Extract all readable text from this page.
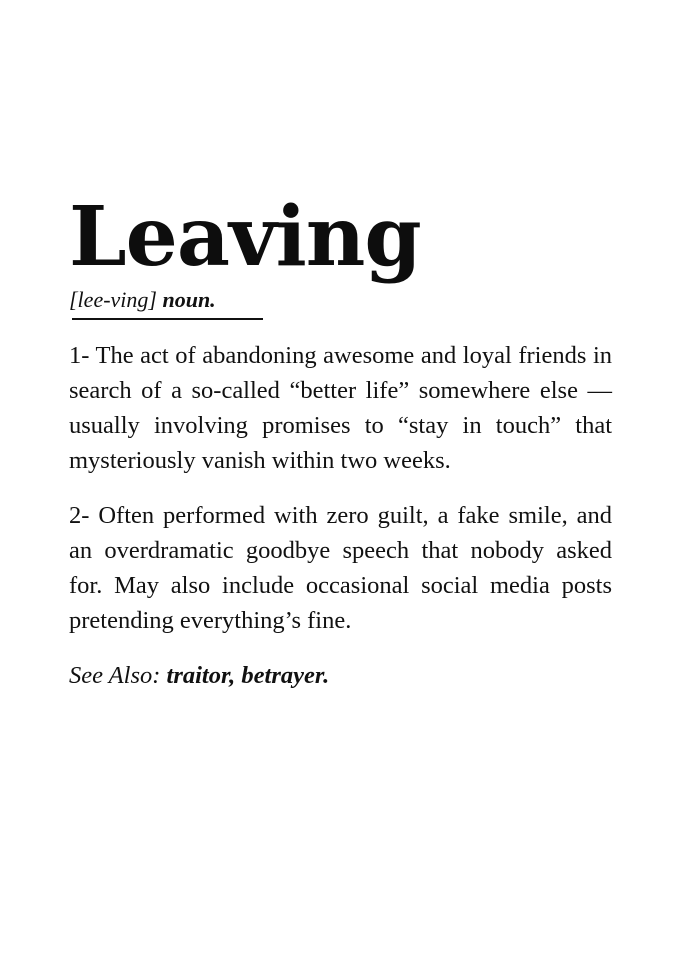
Leaving
[lee-ving] noun.

1- The act of abandoning awesome and loyal friends in search of a so-called “better life” somewhere else — usually involving promises to “stay in touch” that mysteriously vanish within two weeks.

2- Often performed with zero guilt, a fake smile, and an overdramatic goodbye speech that nobody asked for. May also include occasional social media posts pretending everything’s fine.

See Also: traitor, betrayer.
